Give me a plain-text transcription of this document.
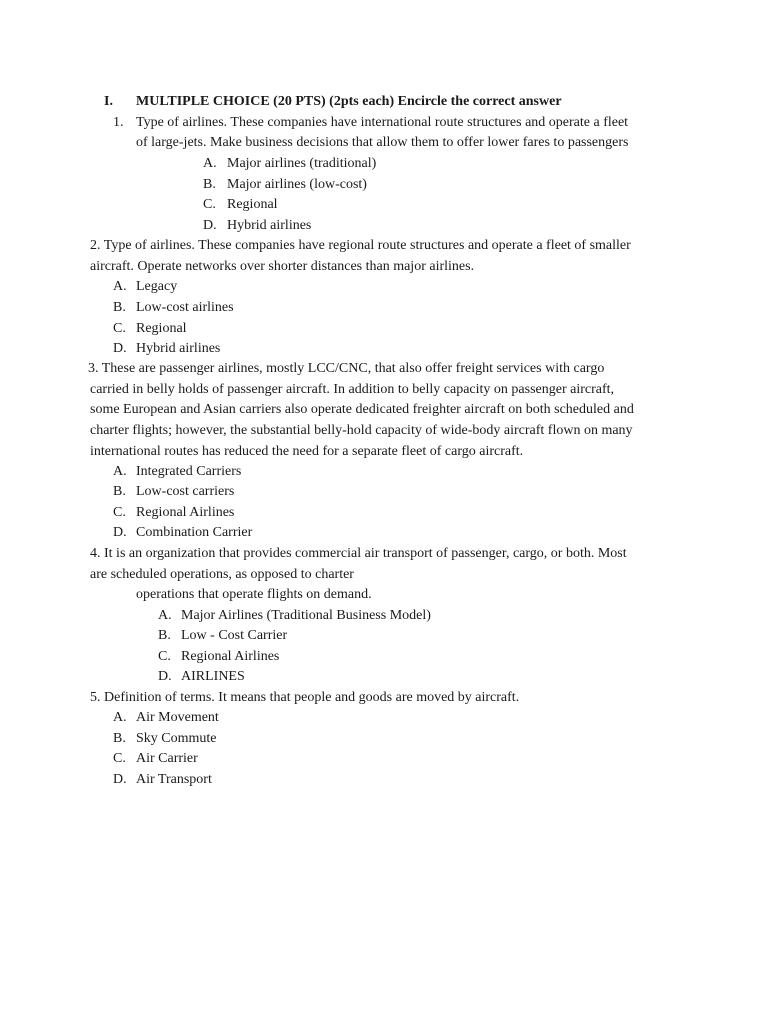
I. MULTIPLE CHOICE (20 PTS) (2pts each) Encircle the correct answer
1. Type of airlines. These companies have international route structures and operate a fleet
of large-jets. Make business decisions that allow them to offer lower fares to passengers
A. Major airlines (traditional)
B. Major airlines (low-cost)
C. Regional
D. Hybrid airlines
2. Type of airlines. These companies have regional route structures and operate a fleet of smaller
aircraft. Operate networks over shorter distances than major airlines.
A. Legacy
B. Low-cost airlines
C. Regional
D. Hybrid airlines
3. These are passenger airlines, mostly LCC/CNC, that also offer freight services with cargo
carried in belly holds of passenger aircraft. In addition to belly capacity on passenger aircraft,
some European and Asian carriers also operate dedicated freighter aircraft on both scheduled and
charter flights; however, the substantial belly-hold capacity of wide-body aircraft flown on many
international routes has reduced the need for a separate fleet of cargo aircraft.
A. Integrated Carriers
B. Low-cost carriers
C. Regional Airlines
D. Combination Carrier
4. It is an organization that provides commercial air transport of passenger, cargo, or both. Most
are scheduled operations, as opposed to charter
operations that operate flights on demand.
A. Major Airlines (Traditional Business Model)
B. Low - Cost Carrier
C. Regional Airlines
D. AIRLINES
5. Definition of terms. It means that people and goods are moved by aircraft.
A. Air Movement
B. Sky Commute
C. Air Carrier
D. Air Transport
